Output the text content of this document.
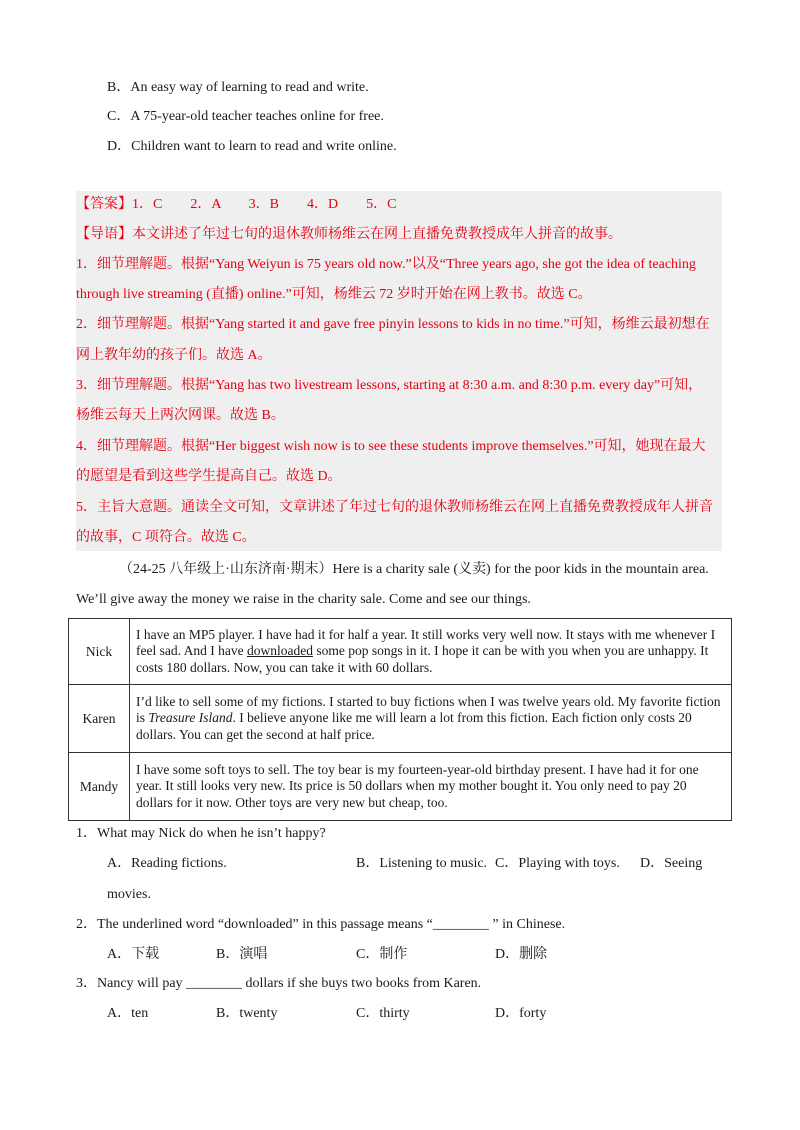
B．An easy way of learning to read and write.
C．A 75-year-old teacher teaches online for free.
D．Children want to learn to read and write online.
【答案】1．C　　2．A　　3．B　　4．D　　5．C
【导语】本文讲述了年过七旬的退休教师杨维云在网上直播免费教授成年人拼音的故事。
1．细节理解题。根据“Yang Weiyun is 75 years old now.”以及“Three years ago, she got the idea of teaching
through live streaming (直播) online.”可知，杨维云 72 岁时开始在网上教书。故选 C。
2．细节理解题。根据“Yang started it and gave free pinyin lessons to kids in no time.”可知，杨维云最初想在
网上教年幼的孩子们。故选 A。
3．细节理解题。根据“Yang has two livestream lessons, starting at 8:30 a.m. and 8:30 p.m. every day”可知，
杨维云每天上两次网课。故选 B。
4．细节理解题。根据“Her biggest wish now is to see these students improve themselves.”可知，她现在最大
的愿望是看到这些学生提高自己。故选 D。
5．主旨大意题。通读全文可知，文章讲述了年过七旬的退休教师杨维云在网上直播免费教授成年人拼音
的故事，C 项符合。故选 C。
（24-25 八年级上·山东济南·期末）Here is a charity sale (义卖) for the poor kids in the mountain area.
We’ll give away the money we raise in the charity sale. Come and see our things.
Nick	I have an MP5 player. I have had it for half a year. It still works very well now. It stays with me whenever I feel sad. And I have downloaded some pop songs in it. I hope it can be with you when you are unhappy. It costs 180 dollars. Now, you can take it with 60 dollars.
Karen	I’d like to sell some of my fictions. I started to buy fictions when I was twelve years old. My favorite fiction is Treasure Island. I believe anyone like me will learn a lot from this fiction. Each fiction only costs 20 dollars. You can get the second at half price.
Mandy	I have some soft toys to sell. The toy bear is my fourteen-year-old birthday present. I have had it for one year. It still looks very new. Its price is 50 dollars when my mother bought it. You only need to pay 20 dollars for it now. Other toys are very new but cheap, too.
1．What may Nick do when he isn’t happy?
A．Reading fictions.	B．Listening to music. C．Playing with toys. D．Seeing
movies.
2．The underlined word “downloaded” in this passage means “________ ” in Chinese.
A．下载	B．演唱	C．制作	D．删除
3．Nancy will pay ________ dollars if she buys two books from Karen.
A．ten	B．twenty	C．thirty	D．forty
